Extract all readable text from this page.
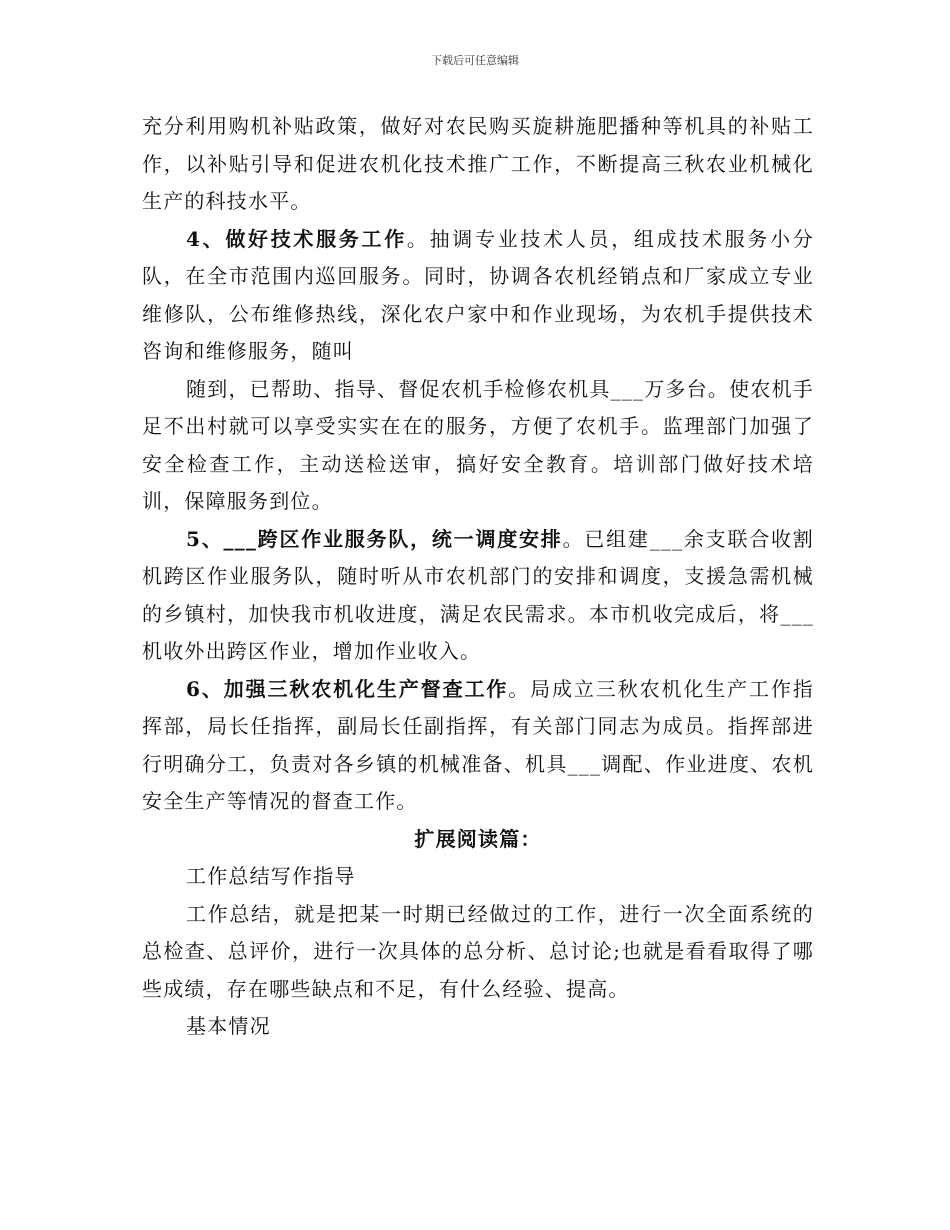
下载后可任意编辑

充分利用购机补贴政策，做好对农民购买旋耕施肥播种等机具的补贴工作，以补贴引导和促进农机化技术推广工作，不断提高三秋农业机械化生产的科技水平。

4、做好技术服务工作。抽调专业技术人员，组成技术服务小分队，在全市范围内巡回服务。同时，协调各农机经销点和厂家成立专业维修队，公布维修热线，深化农户家中和作业现场，为农机手提供技术咨询和维修服务，随叫

随到，已帮助、指导、督促农机手检修农机具___万多台。使农机手足不出村就可以享受实实在在的服务，方便了农机手。监理部门加强了安全检查工作，主动送检送审，搞好安全教育。培训部门做好技术培训，保障服务到位。

5、___跨区作业服务队，统一调度安排。已组建___余支联合收割机跨区作业服务队，随时听从市农机部门的安排和调度，支援急需机械的乡镇村，加快我市机收进度，满足农民需求。本市机收完成后，将___机收外出跨区作业，增加作业收入。

6、加强三秋农机化生产督查工作。局成立三秋农机化生产工作指挥部，局长任指挥，副局长任副指挥，有关部门同志为成员。指挥部进行明确分工，负责对各乡镇的机械准备、机具___调配、作业进度、农机安全生产等情况的督查工作。

扩展阅读篇：

工作总结写作指导

工作总结，就是把某一时期已经做过的工作，进行一次全面系统的总检查、总评价，进行一次具体的总分析、总讨论;也就是看看取得了哪些成绩，存在哪些缺点和不足，有什么经验、提高。

基本情况
